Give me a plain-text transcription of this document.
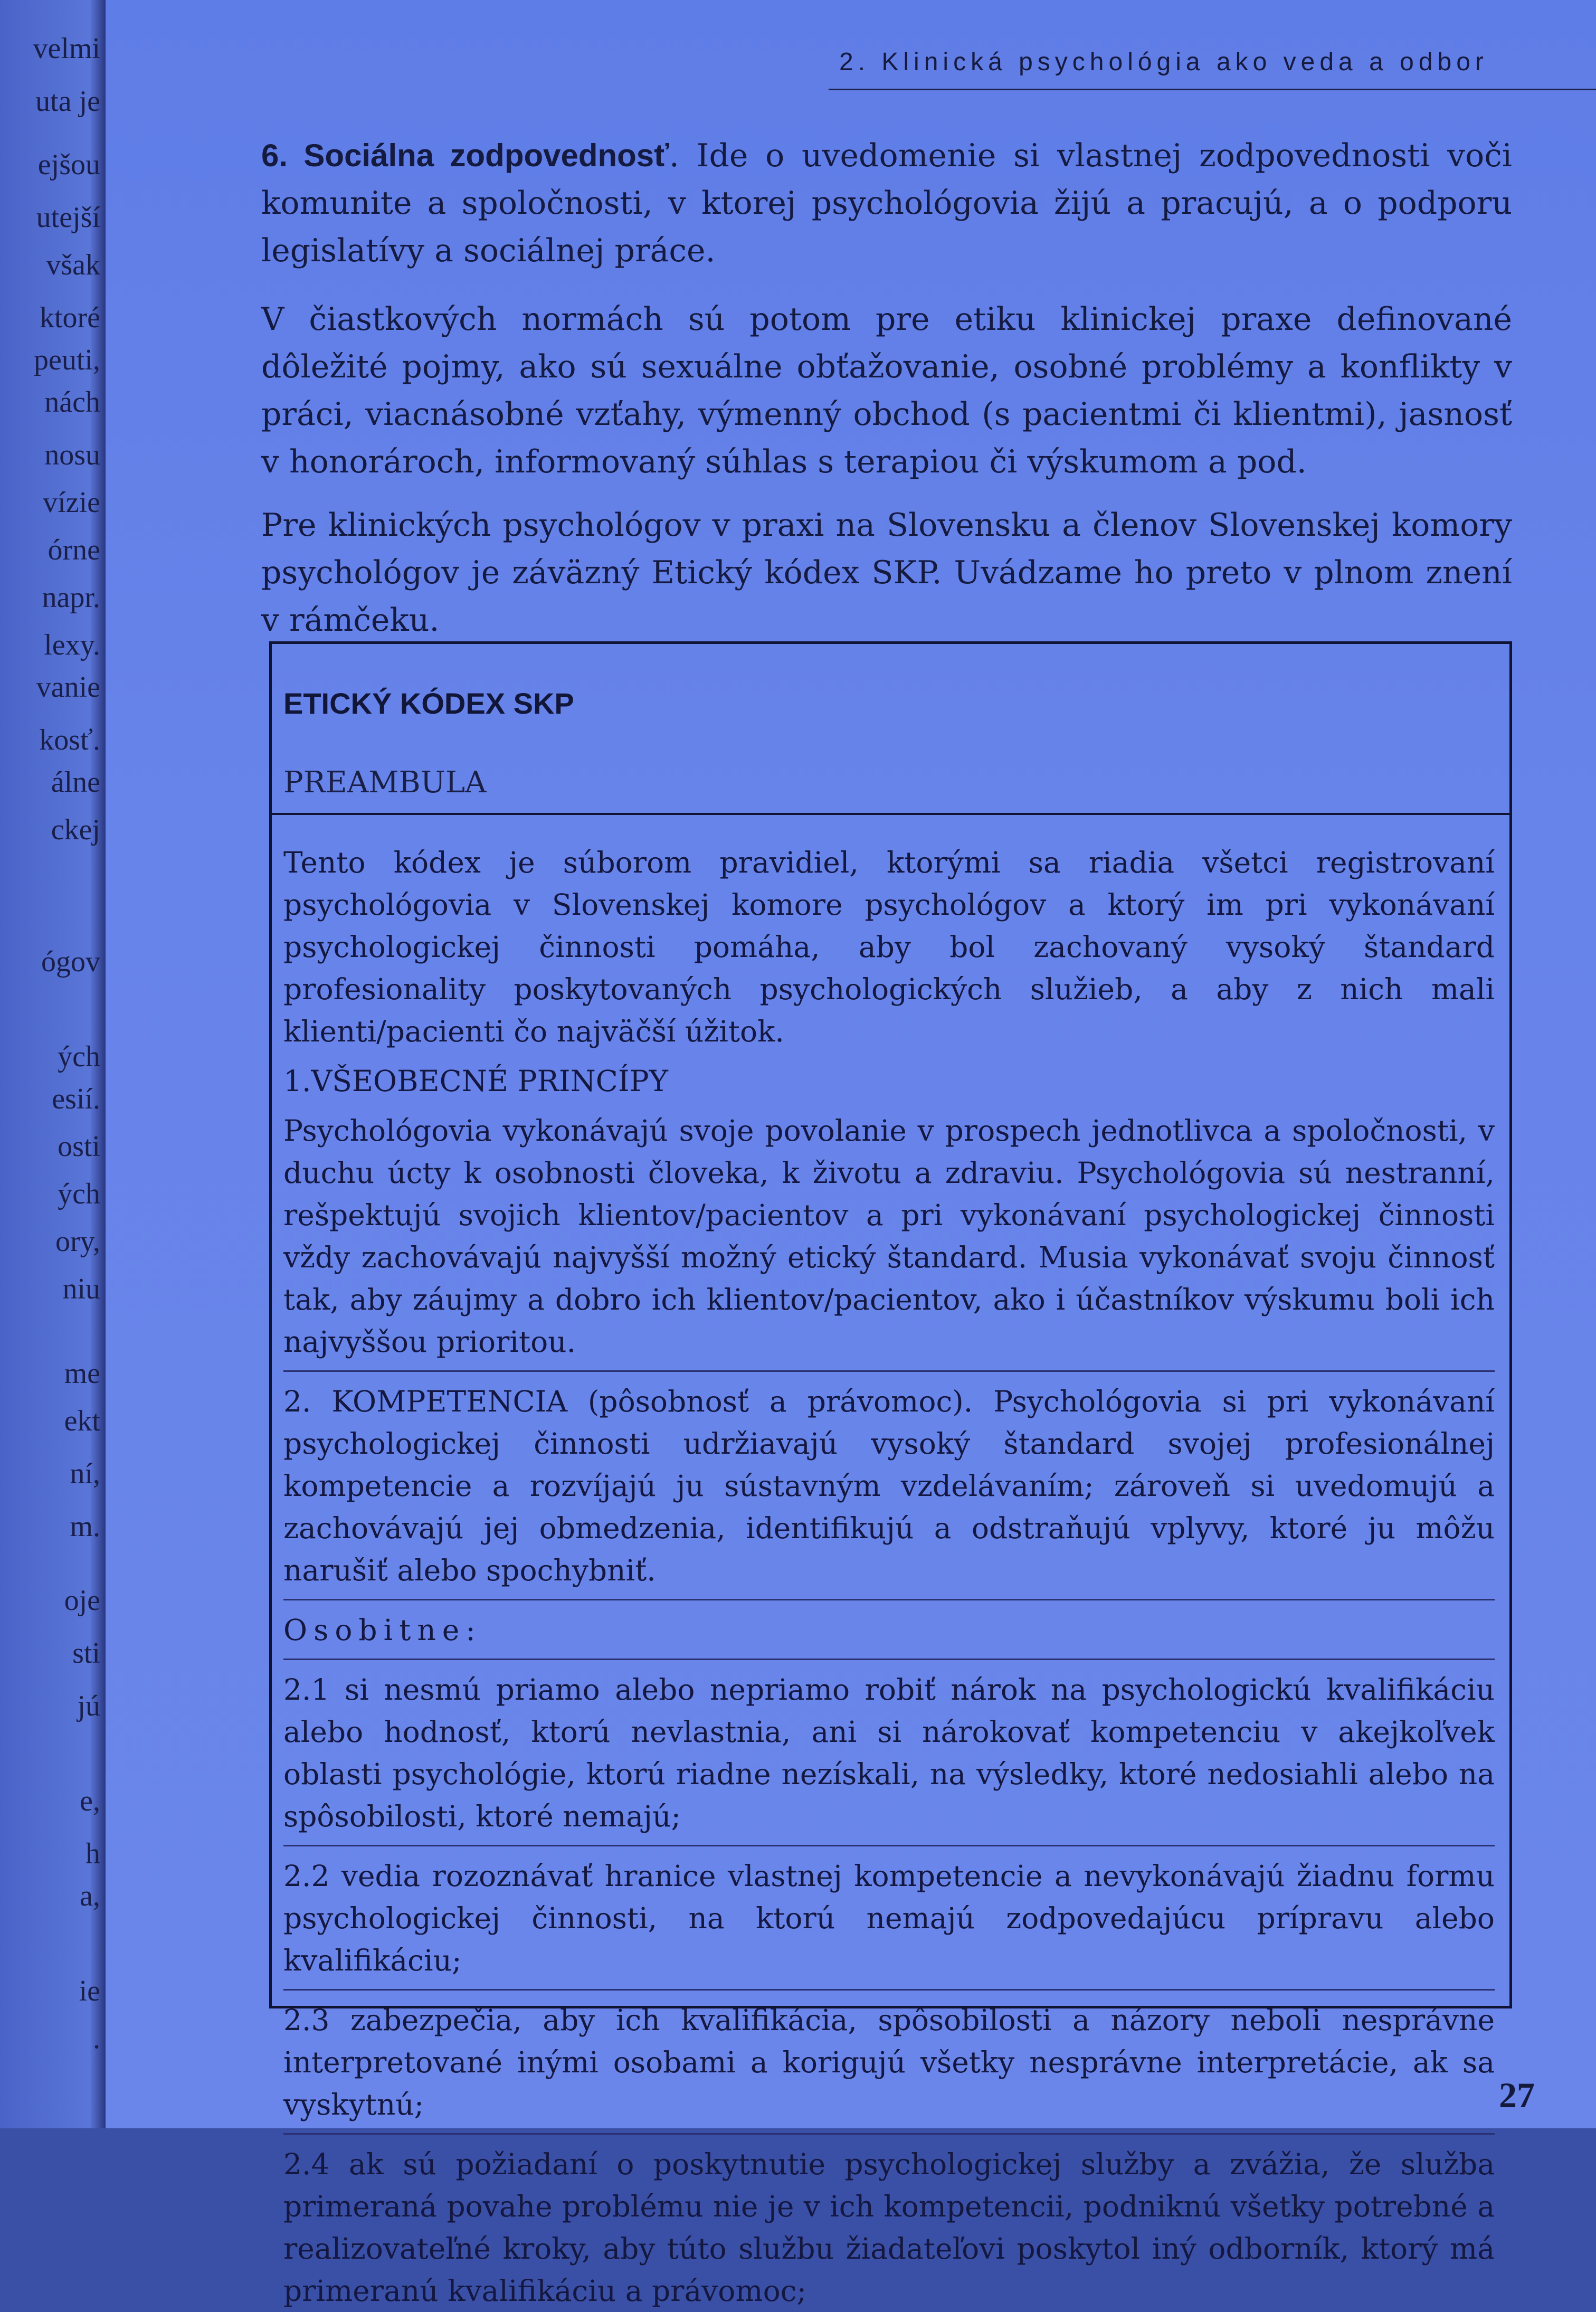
velmi
uta je
ejšou
utejší
však
ktoré
peuti,
nách
nosu
vízie
órne
napr.
lexy.
vanie
kosť.
álne
ckej
ógov
ých
esií.
osti
ých
ory,
niu
me
ekt
ní,
m.
oje
sti
jú
e,
h
a,
ie
.
2. Klinická psychológia ako veda a odbor
6. Sociálna zodpovednosť. Ide o uvedomenie si vlastnej zodpovednosti voči komunite a spoločnosti, v ktorej psychológovia žijú a pracujú, a o podporu legislatívy a sociálnej práce.
V čiastkových normách sú potom pre etiku klinickej praxe definované dôležité pojmy, ako sú sexuálne obťažovanie, osobné problémy a konflikty v práci, viacnásobné vzťahy, výmenný obchod (s pacientmi či klientmi), jasnosť v honorároch, informovaný súhlas s terapiou či výskumom a pod.
Pre klinických psychológov v praxi na Slovensku a členov Slovenskej komory psychológov je záväzný Etický kódex SKP. Uvádzame ho preto v plnom znení v rámčeku.
ETICKÝ KÓDEX SKP
PREAMBULA

Tento kódex je súborom pravidiel, ktorými sa riadia všetci registrovaní psychológovia v Slovenskej komore psychológov a ktorý im pri vykonávaní psychologickej činnosti pomáha, aby bol zachovaný vysoký štandard profesionality poskytovaných psychologických služieb, a aby z nich mali klienti/pacienti čo najväčší úžitok.

1.VŠEOBECNÉ PRINCÍPY

Psychológovia vykonávajú svoje povolanie v prospech jednotlivca a spoločnosti, v duchu úcty k osobnosti človeka, k životu a zdraviu. Psychológovia sú nestranní, rešpektujú svojich klientov/pacientov a pri vykonávaní psychologickej činnosti vždy zachovávajú najvyšší možný etický štandard. Musia vykonávať svoju činnosť tak, aby záujmy a dobro ich klientov/pacientov, ako i účastníkov výskumu boli ich najvyššou prioritou.

2. KOMPETENCIA (pôsobnosť a právomoc). Psychológovia si pri vykonávaní psychologickej činnosti udržiavajú vysoký štandard svojej profesionálnej kompetencie a rozvíjajú ju sústavným vzdelávaním; zároveň si uvedomujú a zachovávajú jej obmedzenia, identifikujú a odstraňujú vplyvy, ktoré ju môžu narušiť alebo spochybniť.

Osobitne:

2.1 si nesmú priamo alebo nepriamo robiť nárok na psychologickú kvalifikáciu alebo hodnosť, ktorú nevlastnia, ani si nárokovať kompetenciu v akejkoľvek oblasti psychológie, ktorú riadne nezískali, na výsledky, ktoré nedosiahli alebo na spôsobilosti, ktoré nemajú;

2.2 vedia rozoznávať hranice vlastnej kompetencie a nevykonávajú žiadnu formu psychologickej činnosti, na ktorú nemajú zodpovedajúcu prípravu alebo kvalifikáciu;

2.3 zabezpečia, aby ich kvalifikácia, spôsobilosti a názory neboli nesprávne interpretované inými osobami a korigujú všetky nesprávne interpretácie, ak sa vyskytnú;

2.4 ak sú požiadaní o poskytnutie psychologickej služby a zvážia, že služba primeraná povahe problému nie je v ich kompetencii, podniknú všetky potrebné a realizovateľné kroky, aby túto službu žiadateľovi poskytol iný odborník, ktorý má primeranú kvalifikáciu a právomoc;

27
